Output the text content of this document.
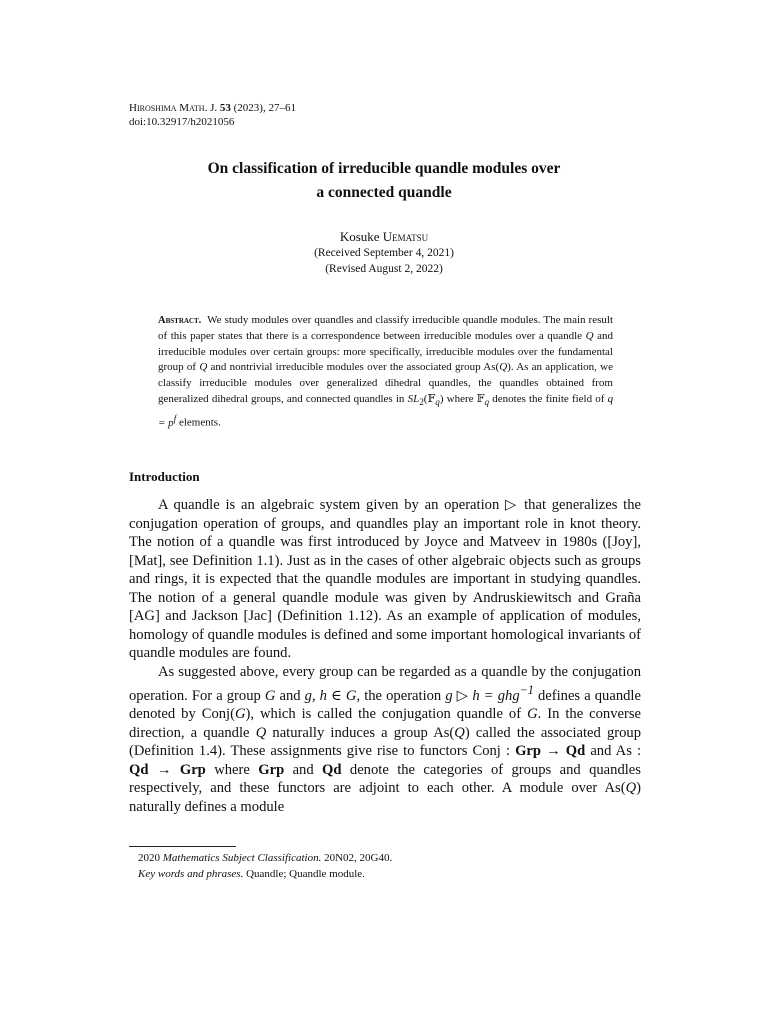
Hiroshima Math. J. 53 (2023), 27–61
doi:10.32917/h2021056
On classification of irreducible quandle modules over
a connected quandle
Kosuke Uematsu
(Received September 4, 2021)
(Revised August 2, 2022)
Abstract. We study modules over quandles and classify irreducible quandle modules. The main result of this paper states that there is a correspondence between irreducible modules over a quandle Q and irreducible modules over certain groups: more specifically, irreducible modules over the fundamental group of Q and nontrivial irreducible modules over the associated group As(Q). As an application, we classify irreducible modules over generalized dihedral quandles, the quandles obtained from generalized dihedral groups, and connected quandles in $SL_2(𝔽_q)$ where 𝔽$_q$ denotes the finite field of $q = p^f$ elements.
Introduction

A quandle is an algebraic system given by an operation ▷ that generalizes the conjugation operation of groups, and quandles play an important role in knot theory. The notion of a quandle was first introduced by Joyce and Matveev in 1980s ([Joy], [Mat], see Definition 1.1). Just as in the cases of other algebraic objects such as groups and rings, it is expected that the quandle modules are important in studying quandles. The notion of a general quandle module was given by Andruskiewitsch and Graña [AG] and Jackson [Jac] (Definition 1.12). As an example of application of modules, homology of quandle modules is defined and some important homological invariants of quandle modules are found.

As suggested above, every group can be regarded as a quandle by the conjugation operation. For a group G and g, h ∈ G, the operation g ▷ h = ghg$^{-1}$ defines a quandle denoted by Conj(G), which is called the conjugation quandle of G. In the converse direction, a quandle Q naturally induces a group As(Q) called the associated group (Definition 1.4). These assignments give rise to functors Conj : Grp → Qd and As : Qd → Grp where Grp and Qd denote the categories of groups and quandles respectively, and these functors are adjoint to each other. A module over As(Q) naturally defines a module

2020 Mathematics Subject Classification. 20N02, 20G40.
Key words and phrases. Quandle; Quandle module.
